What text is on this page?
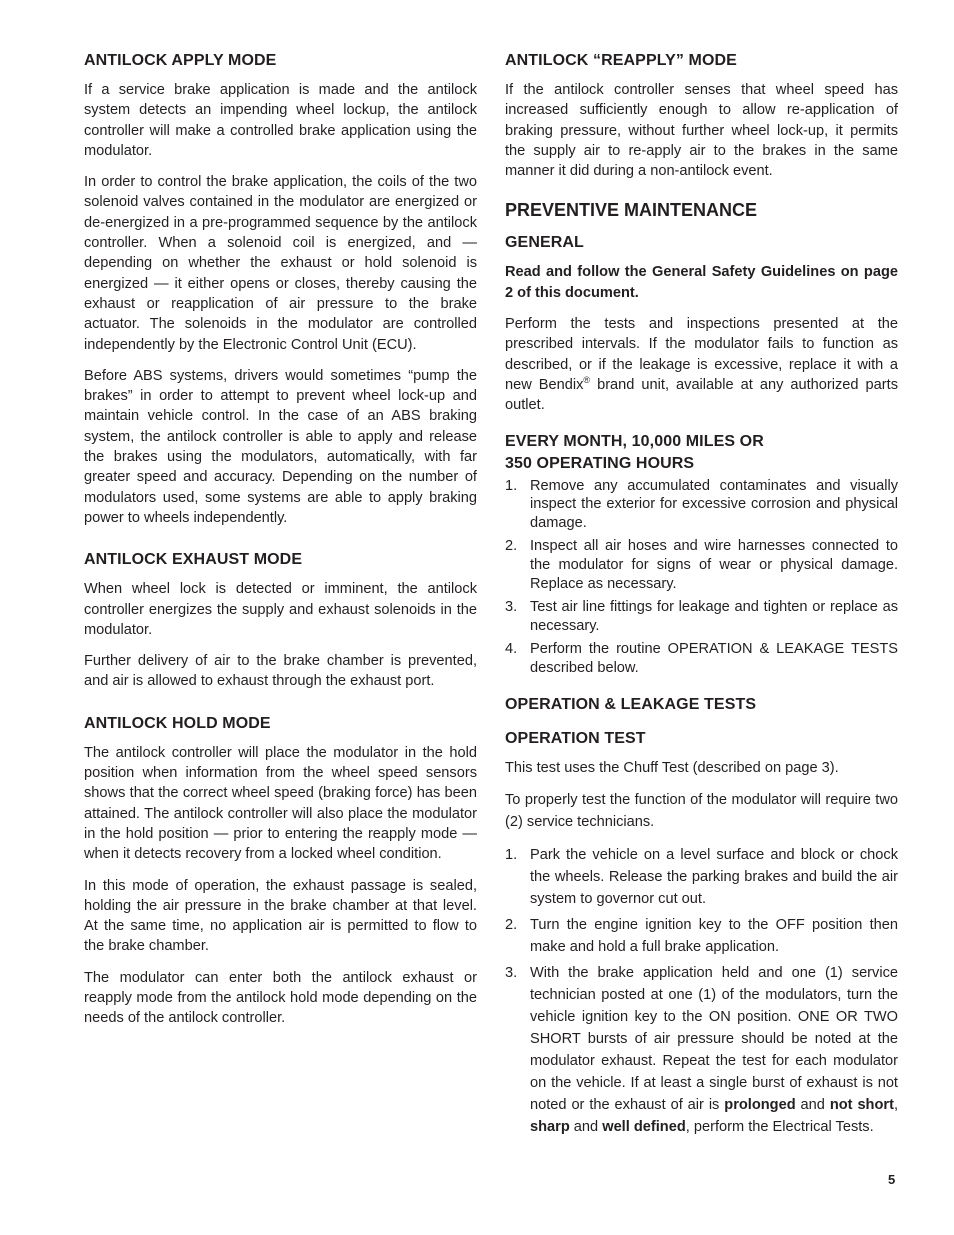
ANTILOCK APPLY MODE

If a service brake application is made and the antilock system detects an impending wheel lockup, the antilock controller will make a controlled brake application using the modulator.

In order to control the brake application, the coils of the two solenoid valves contained in the modulator are energized or de-energized in a pre-programmed sequence by the antilock controller. When a solenoid coil is energized, and — depending on whether the exhaust or hold solenoid is energized — it either opens or closes, thereby causing the exhaust or reapplication of air pressure to the brake actuator. The solenoids in the modulator are controlled independently by the Electronic Control Unit (ECU).

Before ABS systems, drivers would sometimes “pump the brakes” in order to attempt to prevent wheel lock-up and maintain vehicle control. In the case of an ABS braking system, the antilock controller is able to apply and release the brakes using the modulators, automatically, with far greater speed and accuracy. Depending on the number of modulators used, some systems are able to apply braking power to wheels independently.

ANTILOCK EXHAUST MODE

When wheel lock is detected or imminent, the antilock controller energizes the supply and exhaust solenoids in the modulator.

Further delivery of air to the brake chamber is prevented, and air is allowed to exhaust through the exhaust port.

ANTILOCK HOLD MODE

The antilock controller will place the modulator in the hold position when information from the wheel speed sensors shows that the correct wheel speed (braking force) has been attained. The antilock controller will also place the modulator in the hold position — prior to entering the reapply mode — when it detects recovery from a locked wheel condition.

In this mode of operation, the exhaust passage is sealed, holding the air pressure in the brake chamber at that level. At the same time, no application air is permitted to flow to the brake chamber.

The modulator can enter both the antilock exhaust or reapply mode from the antilock hold mode depending on the needs of the antilock controller.

ANTILOCK “REAPPLY” MODE

If the antilock controller senses that wheel speed has increased sufficiently enough to allow re-application of braking pressure, without further wheel lock-up, it permits the supply air to re-apply air to the brakes in the same manner it did during a non-antilock event.

PREVENTIVE MAINTENANCE
GENERAL

Read and follow the General Safety Guidelines on page 2 of this document.

Perform the tests and inspections presented at the prescribed intervals. If the modulator fails to function as described, or if the leakage is excessive, replace it with a new Bendix® brand unit, available at any authorized parts outlet.

EVERY MONTH, 10,000 MILES OR
350 OPERATING HOURS
1. Remove any accumulated contaminates and visually inspect the exterior for excessive corrosion and physical damage.
2. Inspect all air hoses and wire harnesses connected to the modulator for signs of wear or physical damage. Replace as necessary.
3. Test air line fittings for leakage and tighten or replace as necessary.
4. Perform the routine OPERATION & LEAKAGE TESTS described below.
OPERATION & LEAKAGE TESTS
OPERATION TEST

This test uses the Chuff Test (described on page 3).

To properly test the function of the modulator will require two (2) service technicians.

1. Park the vehicle on a level surface and block or chock the wheels. Release the parking brakes and build the air system to governor cut out.
2. Turn the engine ignition key to the OFF position then make and hold a full brake application.
3. With the brake application held and one (1) service technician posted at one (1) of the modulators, turn the vehicle ignition key to the ON position. ONE OR TWO SHORT bursts of air pressure should be noted at the modulator exhaust. Repeat the test for each modulator on the vehicle. If at least a single burst of exhaust is not noted or the exhaust of air is prolonged and not short, sharp and well defined, perform the Electrical Tests.
5
